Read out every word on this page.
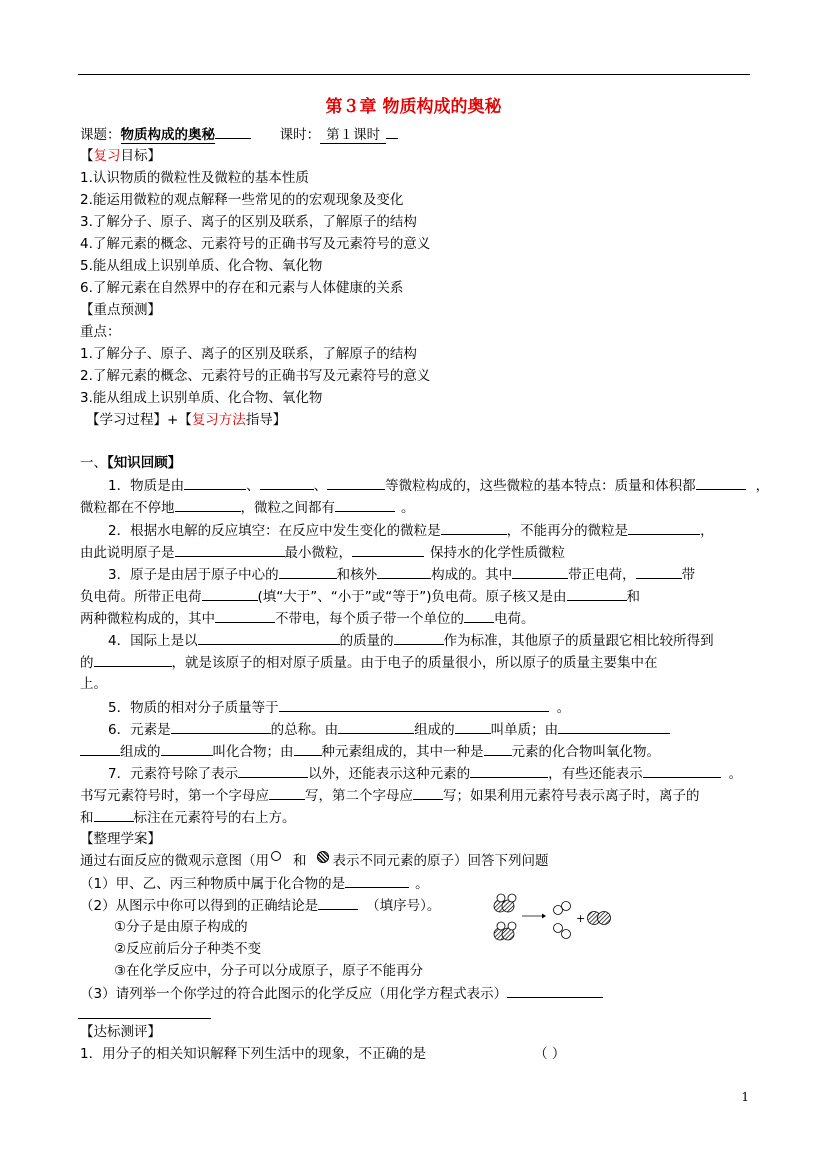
第３章 物质构成的奥秘
课题：物质构成的奥秘	课时： 第１课时
【复习目标】
1.认识物质的微粒性及微粒的基本性质
2.能运用微粒的观点解释一些常见的的宏观现象及变化
3.了解分子、原子、离子的区别及联系，了解原子的结构
4.了解元素的概念、元素符号的正确书写及元素符号的意义
5.能从组成上识别单质、化合物、氧化物
6.了解元素在自然界中的存在和元素与人体健康的关系
【重点预测】
重点：
1.了解分子、原子、离子的区别及联系，了解原子的结构
2.了解元素的概念、元素符号的正确书写及元素符号的意义
3.能从组成上识别单质、化合物、氧化物
【学习过程】+【复习方法指导】
一、【知识回顾】
1．物质是由	、	、	等微粒构成的，这些微粒的基本特点：质量和体积都	，
微粒都在不停地	，微粒之间都有	。
2．根据水电解的反应填空：在反应中发生变化的微粒是	，不能再分的微粒是	，
由此说明原子是	最小微粒，	保持水的化学性质微粒
3．原子是由居于原子中心的	和核外	构成的。其中	带正电荷，	带
负电荷。所带正电荷	(填“大于”、“小于”或“等于”)负电荷。原子核又是由	和
两种微粒构成的，其中	不带电，每个质子带一个单位的 电荷。
4．国际上是以	的质量的	作为标准，其他原子的质量跟它相比较所得到
的	，就是该原子的相对原子质量。由于电子的质量很小，所以原子的质量主要集中在
上。
5．物质的相对分子质量等于	。
6．元素是	的总称。由	组成的	叫单质；由
组成的	叫化合物；由 种元素组成的，其中一种是 元素的化合物叫氧化物。
7．元素符号除了表示	以外，还能表示这种元素的	，有些还能表示	。
书写元素符号时，第一个字母应	写，第二个字母应 写；如果利用元素符号表示离子时，离子的
和	标注在元素符号的右上方。
【整理学案】
通过右面反应的微观示意图（用 和 表示不同元素的原子）回答下列问题
（1）甲、乙、丙三种物质中属于化合物的是	。
（2）从图示中你可以得到的正确结论是	（填序号）。
①分子是由原子构成的
②反应前后分子种类不变
③在化学反应中，分子可以分成原子，原子不能再分
（3）请列举一个你学过的符合此图示的化学反应（用化学方程式表示）
+
【达标测评】
1．用分子的相关知识解释下列生活中的现象，不正确的是	（ ）
1
